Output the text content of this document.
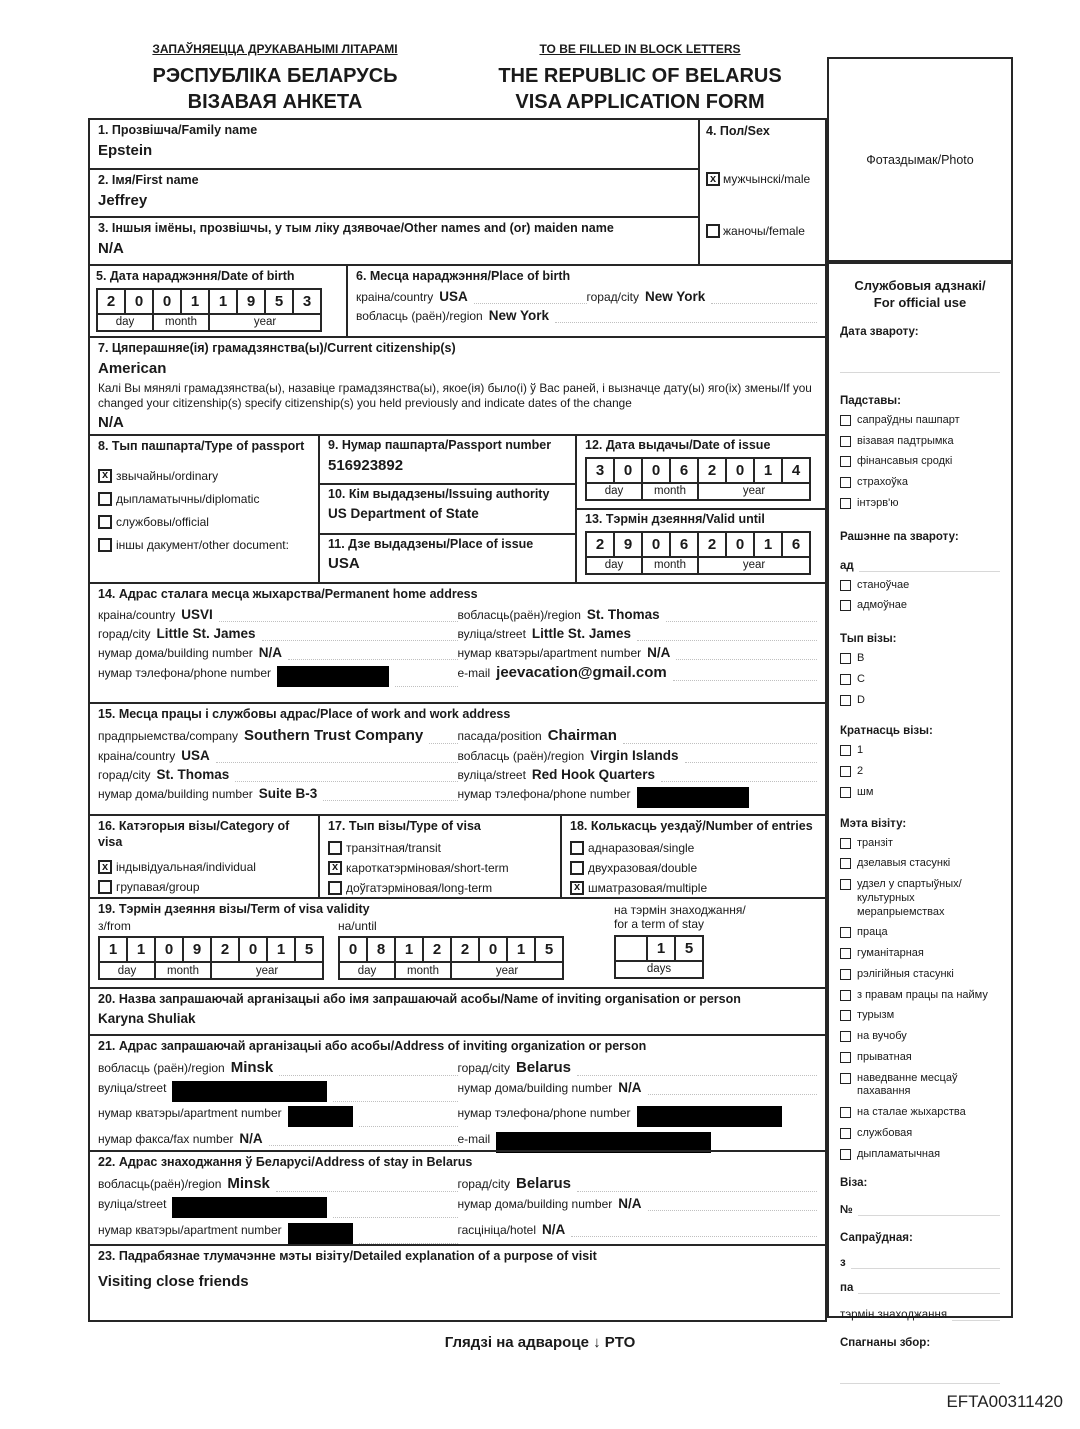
ЗАПАЎНЯЕЦЦА ДРУКАВАНЫМІ ЛІТАРАМІ
РЭСПУБЛІКА БЕЛАРУСЬ
ВІЗАВАЯ АНКЕТА
TO BE FILLED IN BLOCK LETTERS
THE REPUBLIC OF BELARUS
VISA APPLICATION FORM
Фотаздымак/Photo
1. Прозвішча/Family name
Epstein
2. Імя/First name
Jeffrey
3. Іншыя імёны, прозвішчы, у тым ліку дзявочае/Other names and (or) maiden name
N/A
4. Пол/Sex
x мужчынскі/male
жаночы/female
5. Дата нараджэння/Date of birth
2	0	0	1	1	9	5	3
day	month	year
6. Месца нараджэння/Place of birth
краіна/country USA	горад/city New York
вобласць (раён)/region New York
7. Цяперашняе(ія) грамадзянства(ы)/Current citizenship(s)
American
Калі Вы мянялі грамадзянства(ы), назавіце грамадзянства(ы), якое(ія) было(і) ў Вас раней, і вызначце дату(ы) яго(іх) змены/If you changed your citizenship(s) specify citizenship(s) you held previously and indicate dates of the change
N/A
8. Тып пашпарта/Type of passport
x звычайны/ordinary
дыпламатычны/diplomatic
службовы/official
іншы дакумент/other document:
9. Нумар пашпарта/Passport number
516923892
10. Кім выдадзены/Issuing authority
US Department of State
11. Дзе выдадзены/Place of issue
USA
12. Дата выдачы/Date of issue
3	0	0	6	2	0	1	4
day	month	year
13. Тэрмін дзеяння/Valid until
2	9	0	6	2	0	1	6
day	month	year
14. Адрас сталага месца жыхарства/Permanent home address
краіна/country USVI	вобласць(раён)/region St. Thomas
горад/city Little St. James	вуліца/street Little St. James
нумар дома/building number N/A	нумар кватэры/apartment number N/A
нумар тэлефона/phone number	e-mail jeevacation@gmail.com
15. Месца працы і службовы адрас/Place of work and work address
прадпрыемства/company Southern Trust Company	пасада/position Chairman
краіна/country USA	вобласць (раён)/region Virgin Islands
горад/city St. Thomas	вуліца/street Red Hook Quarters
нумар дома/building number Suite B-3	нумар тэлефона/phone number
16. Катэгорыя візы/Category of visa
x індывідуальная/individual
групавая/group
17. Тып візы/Type of visa
транзітная/transit
x кароткатэрміновая/short-term
доўгатэрміновая/long-term
18. Колькасць уездаў/Number of entries
аднаразовая/single
двухразовая/double
x шматразовая/multiple
19. Тэрмін дзеяння візы/Term of visa validity
з/from
1	1	0	9	2	0	1	5
day	month	year
на/until
0	8	1	2	2	0	1	5
day	month	year
на тэрмін знаходжання/
for a term of stay
1	5
days
20. Назва запрашаючай арганізацыі або імя запрашаючай асобы/Name of inviting organisation or person
Karyna Shuliak
21. Адрас запрашаючай арганізацыі або асобы/Address of inviting organization or person
вобласць (раён)/region Minsk	горад/city Belarus
вуліца/street	нумар дома/building number N/A
нумар кватэры/apartment number	нумар тэлефона/phone number
нумар факса/fax number N/A	e-mail
22. Адрас знаходжання ў Беларусі/Address of stay in Belarus
вобласць(раён)/region Minsk	горад/city Belarus
вуліца/street	нумар дома/building number N/A
нумар кватэры/apartment number	гасцініца/hotel N/A
23. Падрабязнае тлумачэнне мэты візіту/Detailed explanation of a purpose of visit
Visiting close friends
Службовыя адзнакі/
For official use
Дата звароту:
Падставы:
сапраўдны пашпарт
візавая падтрымка
фінансавыя сродкі
страхоўка
інтэрв'ю
Рашэнне па звароту:
ад
станоўчае
адмоўнае
Тып візы:
B
C
D
Кратнасць візы:
1
2
шм
Мэта візіту:
транзіт
дзелавыя стасункі
удзел у спартыўных/ культурных мерапрыемствах
праца
гуманітарная
рэлігійныя стасункі
з правам працы па найму
турызм
на вучобу
прыватная
наведванне месцаў пахавання
на сталае жыхарства
службовая
дыпламатычная
Віза:
№
Сапраўдная:
з
па
тэрмін знаходжання
Спагнаны збор:
Глядзі на адвароце ↓ PTO
EFTA00311420
